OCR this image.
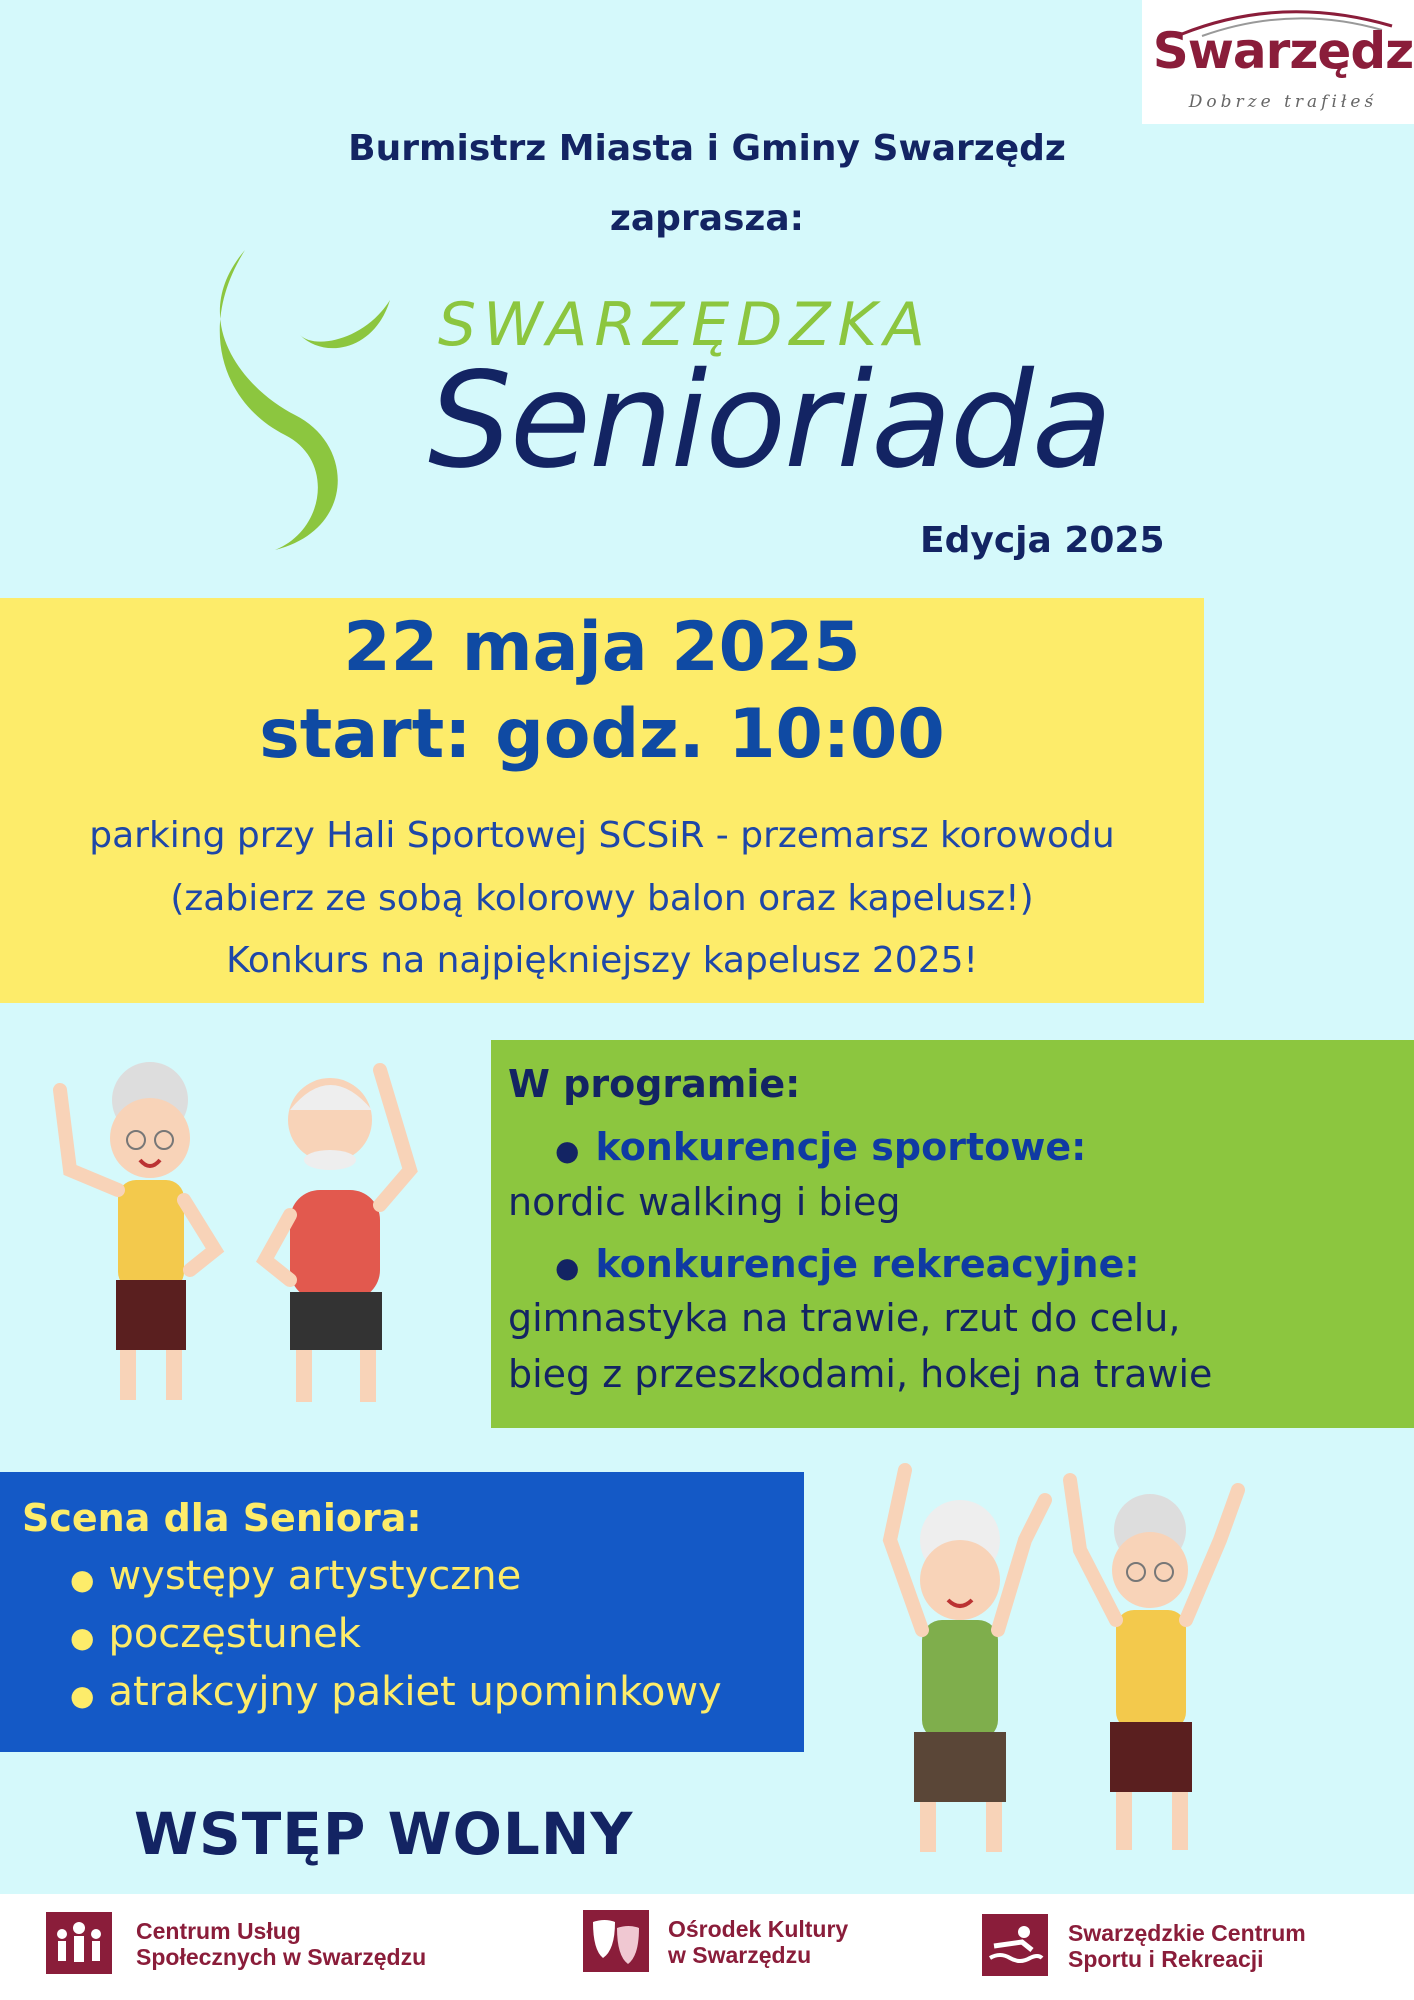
Swarzędz
Dobrze trafiłeś
Burmistrz Miasta i Gminy Swarzędz
zaprasza:
SWARZĘDZKA
Senioriada
Edycja 2025
22 maja 2025
start: godz. 10:00
parking przy Hali Sportowej SCSiR - przemarsz korowodu
(zabierz ze sobą kolorowy balon oraz kapelusz!)
Konkurs na najpiękniejszy kapelusz 2025!
W programie:
● konkurencje sportowe:
nordic walking i bieg
● konkurencje rekreacyjne:
gimnastyka na trawie, rzut do celu,
bieg z przeszkodami, hokej na trawie
Scena dla Seniora:
● występy artystyczne
● poczęstunek
● atrakcyjny pakiet upominkowy
WSTĘP WOLNY
Centrum Usług
Społecznych w Swarzędzu
Ośrodek Kultury
w Swarzędzu
Swarzędzkie Centrum
Sportu i Rekreacji
